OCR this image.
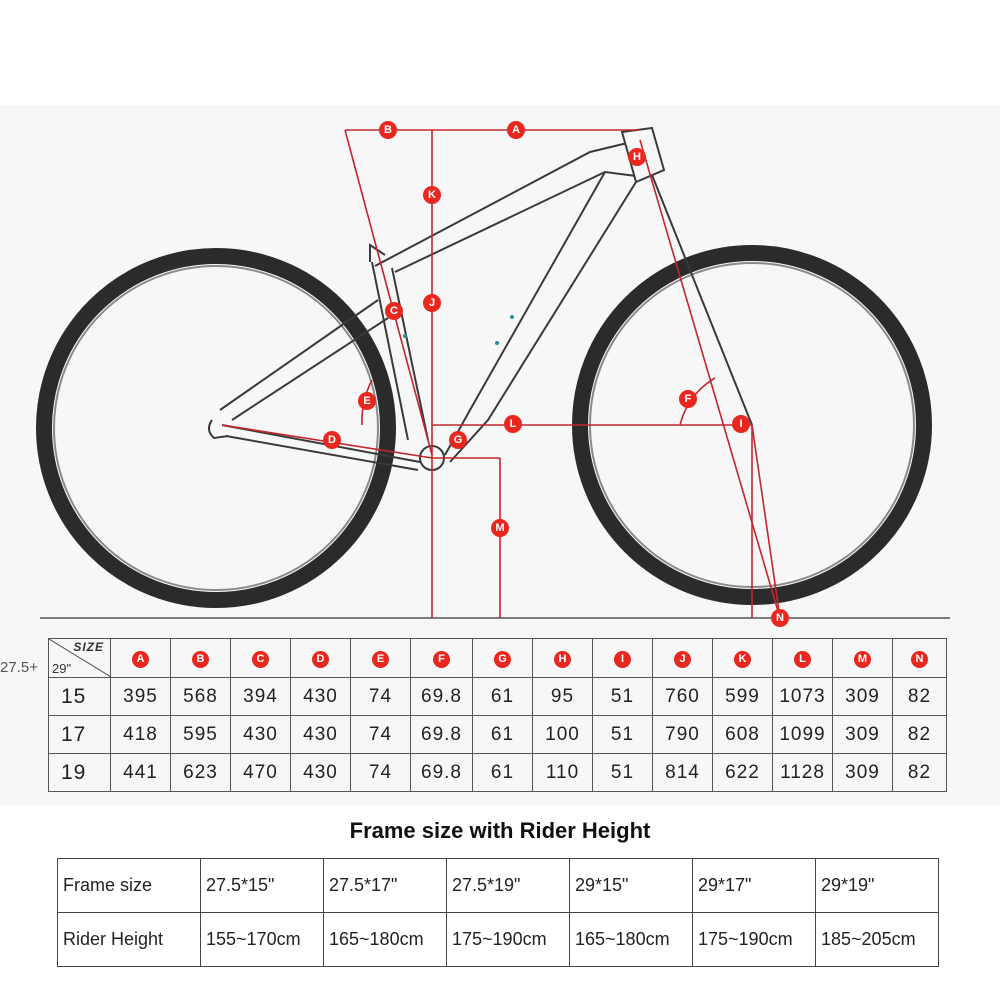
A
B
C
D
E	F
G
H
I
J
K
L
M
N
27.5+
SIZE
29"	A	B	C	D	E	F	G	H	I	J	K	L	M	N
15	395	568	394	430	74	69.8	61	95	51	760	599	1073	309	82
17	418	595	430	430	74	69.8	61	100	51	790	608	1099	309	82
19	441	623	470	430	74	69.8	61	110	51	814	622	1128	309	82
Frame size with Rider Height
Frame size	27.5*15"	27.5*17"	27.5*19"	29*15"	29*17"	29*19"
Rider Height	155~170cm	165~180cm	175~190cm	165~180cm	175~190cm	185~205cm
